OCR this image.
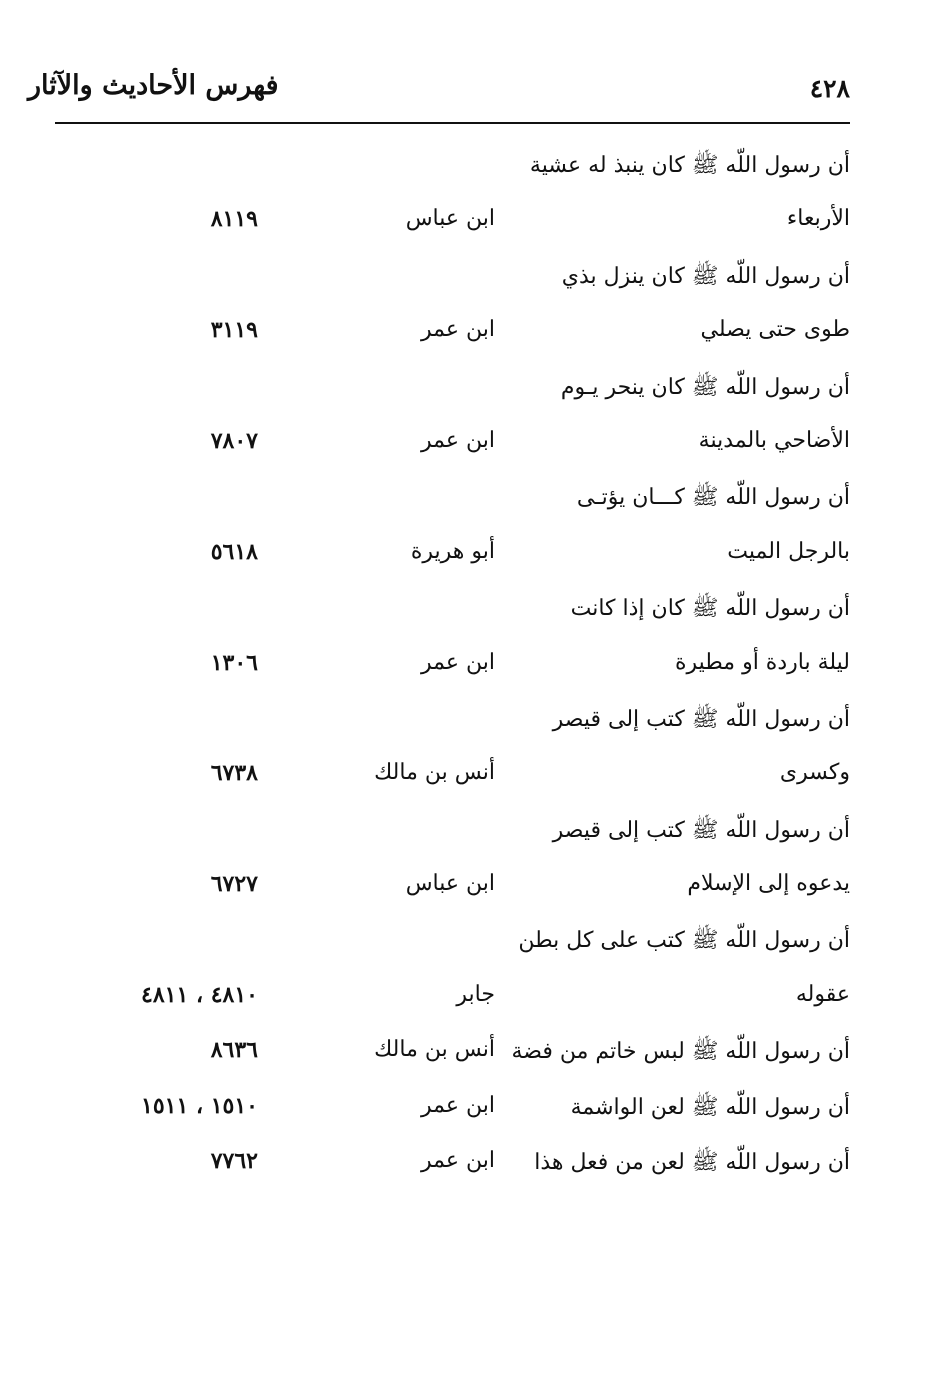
٤٢٨
فهرس الأحاديث والآثار
أن رسول اللّه ﷺ كان ينبذ له عشية
الأربعاء
ابن عباس
٨١١٩
أن رسول اللّه ﷺ كان ينزل بذي
طوى حتى يصلي
ابن عمر
٣١١٩
أن رسول اللّه ﷺ كان ينحر يـوم
الأضاحي بالمدينة
ابن عمر
٧٨٠٧
أن رسول اللّه ﷺ كـــان يؤتـى
بالرجل الميت
أبو هريرة
٥٦١٨
أن رسول اللّه ﷺ كان إذا كانت
ليلة باردة أو مطيرة
ابن عمر
١٣٠٦
أن رسول اللّه ﷺ كتب إلى قيصر
وكسرى
أنس بن مالك
٦٧٣٨
أن رسول اللّه ﷺ كتب إلى قيصر
يدعوه إلى الإسلام
ابن عباس
٦٧٢٧
أن رسول اللّه ﷺ كتب على كل بطن
عقوله
جابر
٤٨١٠ ، ٤٨١١
أن رسول اللّه ﷺ لبس خاتم من فضة
أنس بن مالك
٨٦٣٦
أن رسول اللّه ﷺ لعن الواشمة
ابن عمر
١٥١٠ ، ١٥١١
أن رسول اللّه ﷺ لعن من فعل هذا
ابن عمر
٧٧٦٢
